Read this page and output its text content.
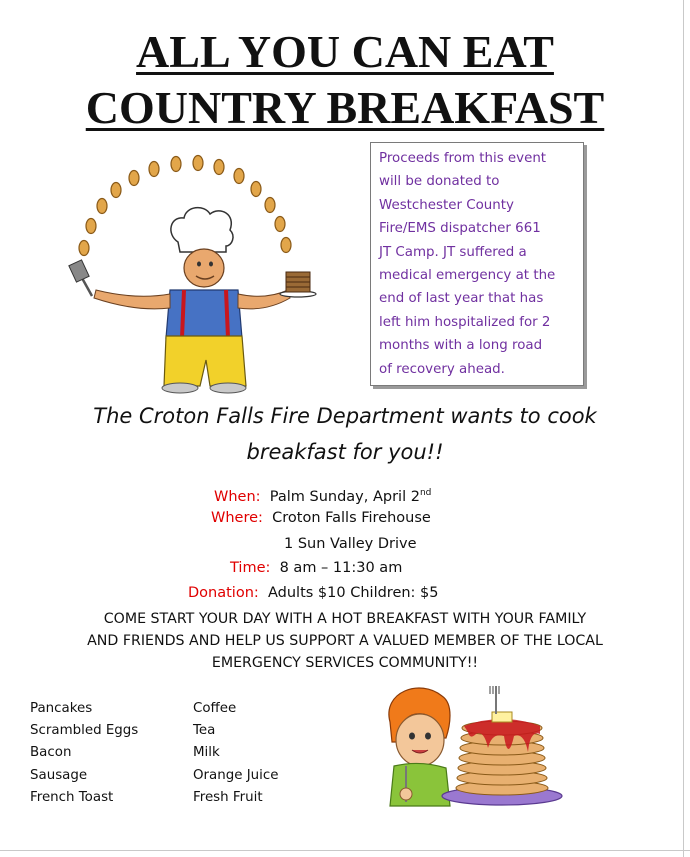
ALL YOU CAN EAT
COUNTRY BREAKFAST
Proceeds from this event
will be donated to
Westchester County
Fire/EMS dispatcher 661
JT Camp. JT suffered a
medical emergency at the
end of last year that has
left him hospitalized for 2
months with a long road
of recovery ahead.
The Croton Falls Fire Department wants to cook
breakfast for you!!
When: Palm Sunday, April 2nd
Where: Croton Falls Firehouse
1 Sun Valley Drive
Time: 8 am – 11:30 am
Donation: Adults $10 Children: $5
COME START YOUR DAY WITH A HOT BREAKFAST WITH YOUR FAMILY
AND FRIENDS AND HELP US SUPPORT A VALUED MEMBER OF THE LOCAL
EMERGENCY SERVICES COMMUNITY!!
Pancakes
Scrambled Eggs
Bacon
Sausage
French Toast
Coffee
Tea
Milk
Orange Juice
Fresh Fruit
